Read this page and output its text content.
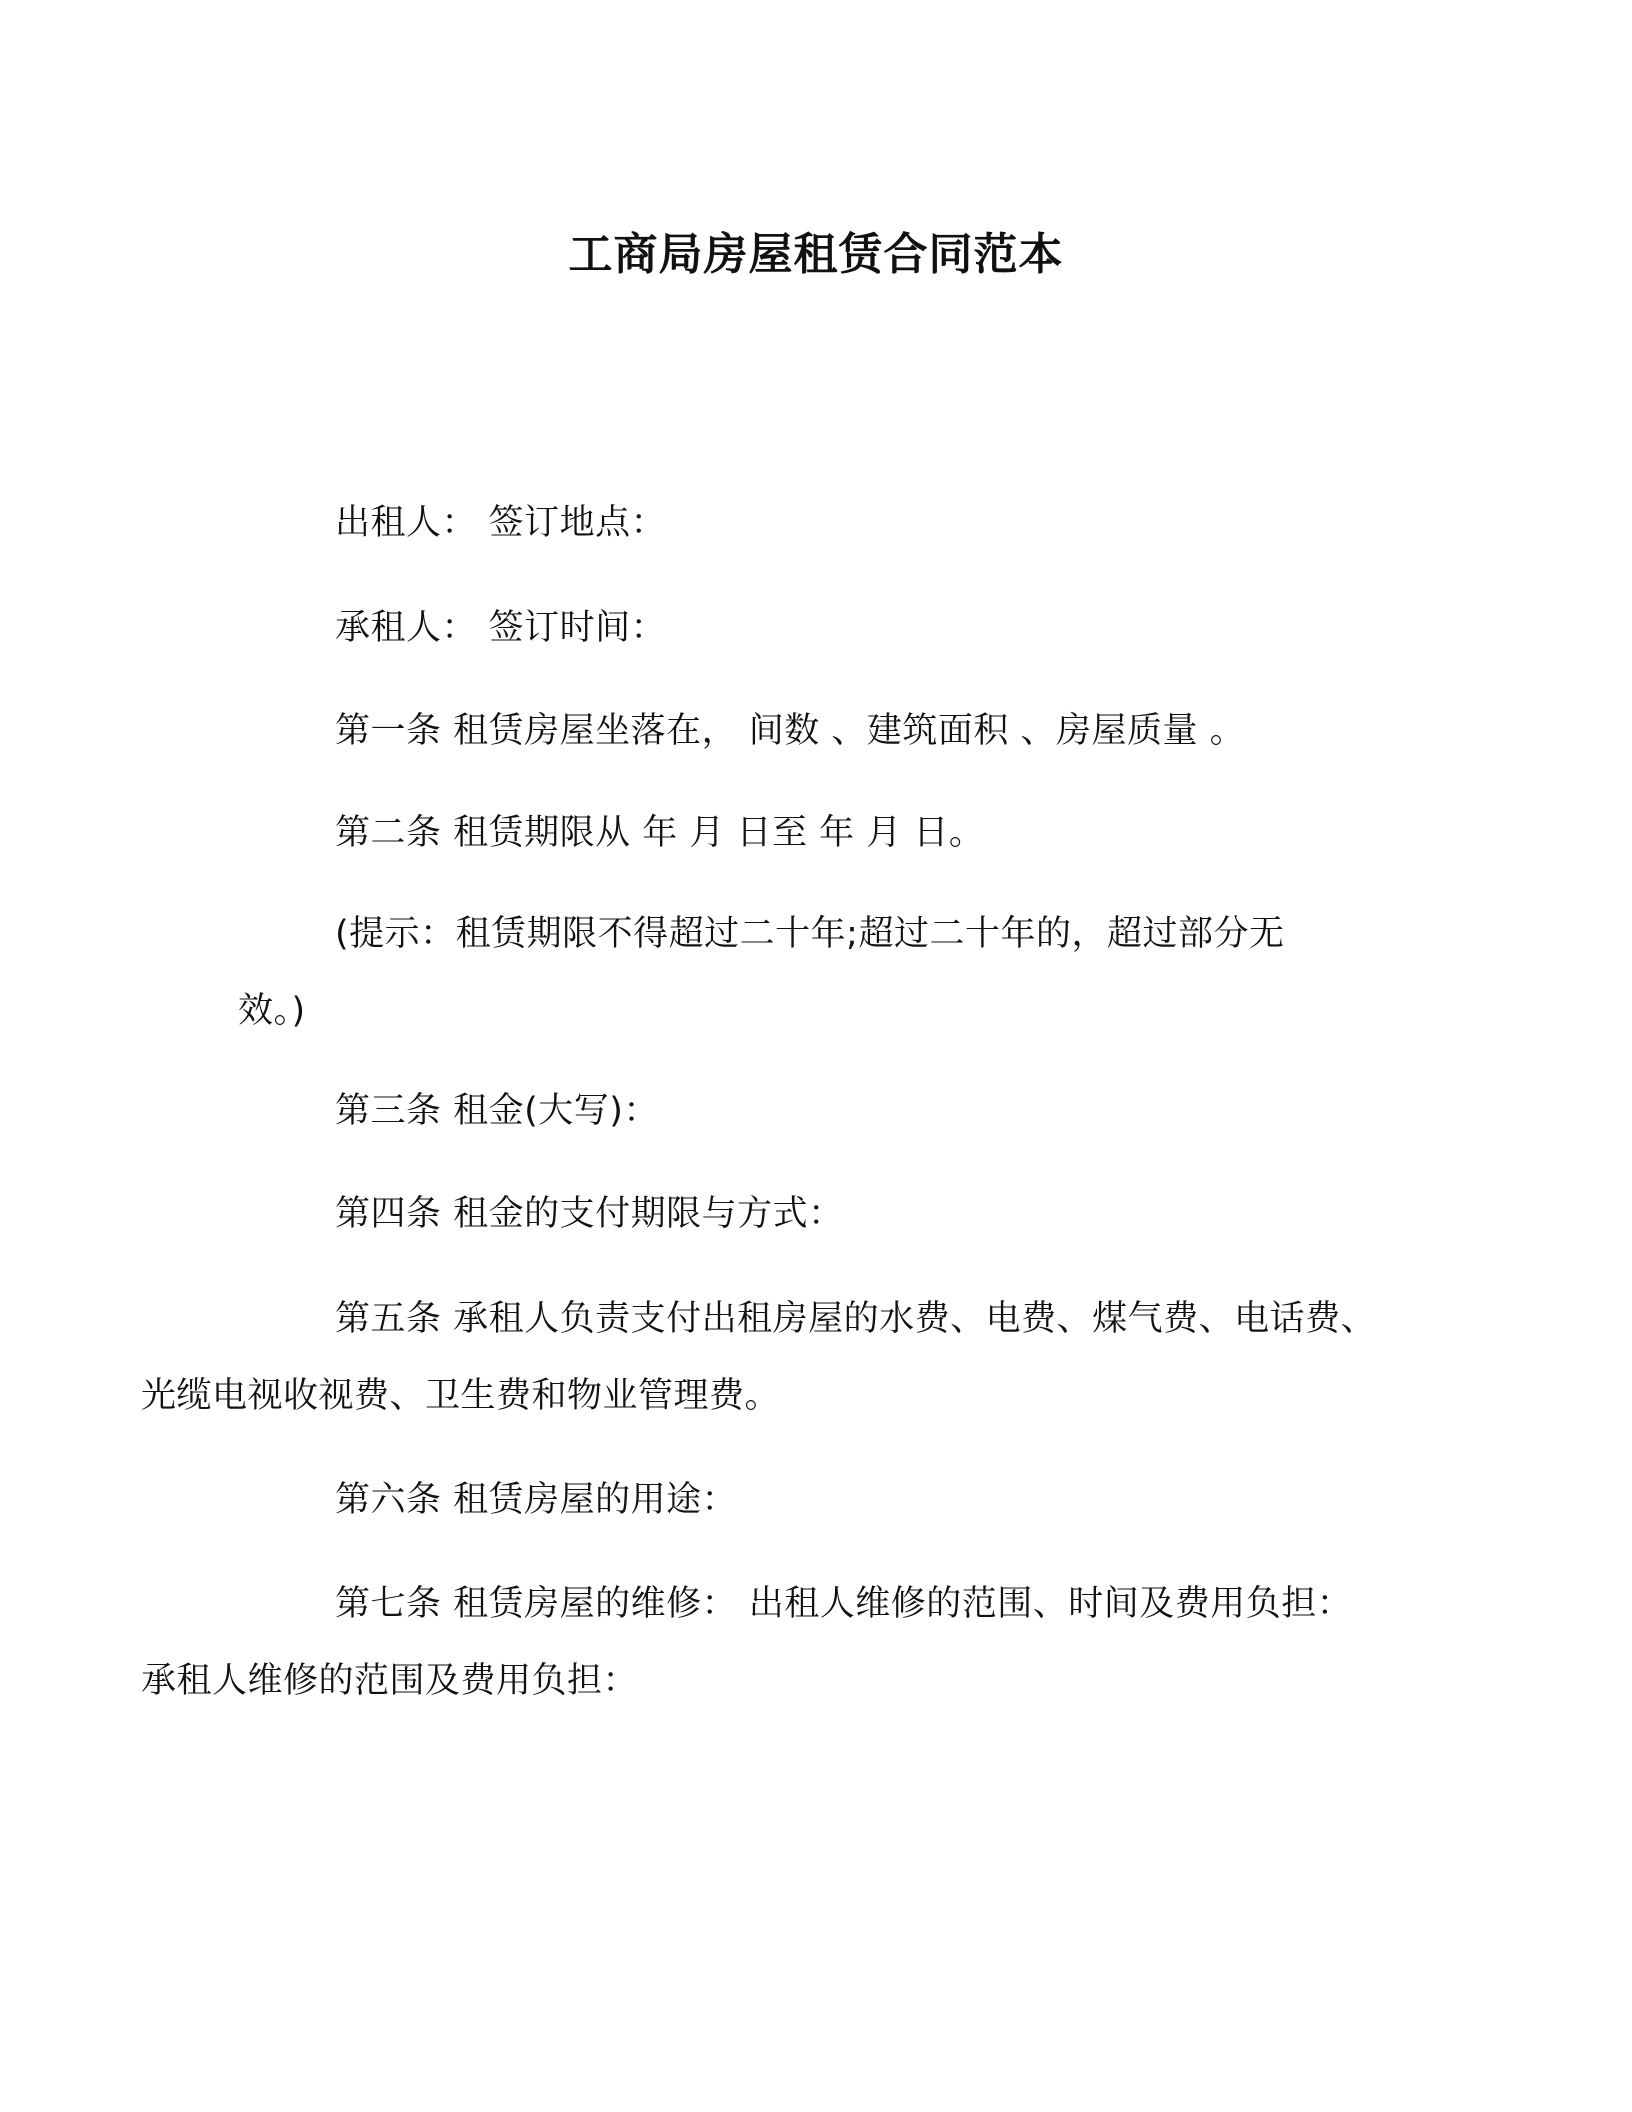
工商局房屋租赁合同范本
出租人： 签订地点：
承租人： 签订时间：
第一条 租赁房屋坐落在， 间数 、建筑面积 、房屋质量 。
第二条 租赁期限从 年 月 日至 年 月 日。
(提示：租赁期限不得超过二十年;超过二十年的，超过部分无
效。)
第三条 租金(大写)：
第四条 租金的支付期限与方式：
第五条 承租人负责支付出租房屋的水费、电费、煤气费、电话费、
光缆电视收视费、卫生费和物业管理费。
第六条 租赁房屋的用途：
第七条 租赁房屋的维修： 出租人维修的范围、时间及费用负担：
承租人维修的范围及费用负担：
